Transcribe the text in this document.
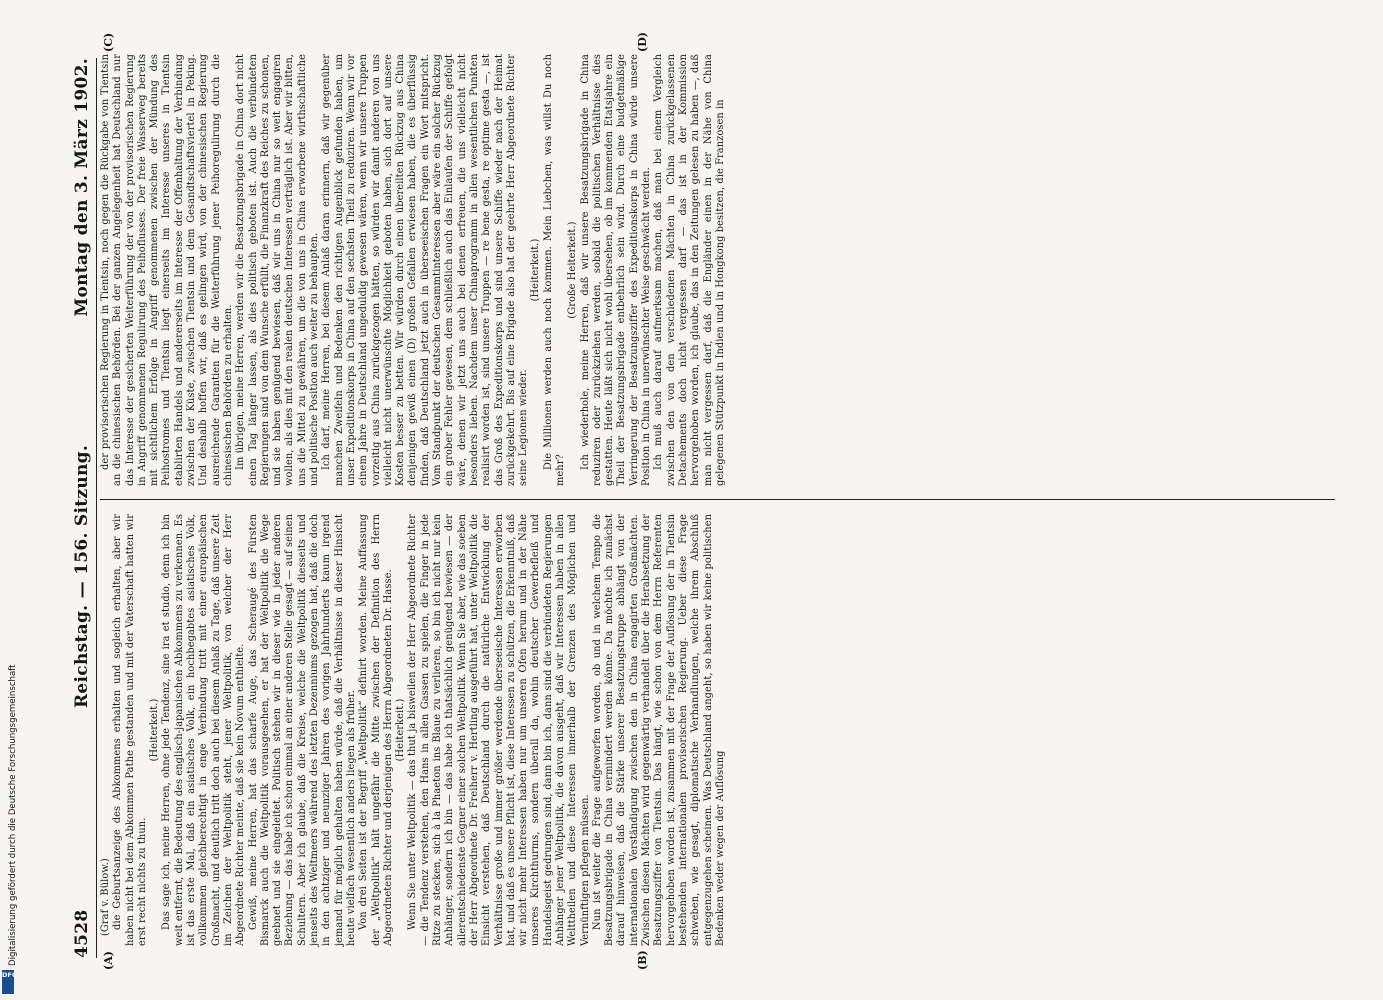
DFG
Digitalisierung gefördert durch die Deutsche Forschungsgemeinschaft	4528
Reichstag. — 156. Sitzung.
Montag den 3. März 1902.
(A)	(B)
(C)	(D)

(Graf v. Bülow.) die Geburtsanzeige des Abkommens erhalten und sogleich erhalten, aber wir haben nicht bei dem Abkommen Pathe gestanden und mit der Vaterschaft hatten wir erst recht nichts zu thun.

(Heiterkeit.) Das sage ich, meine Herren, ohne jede Tendenz, sine ira et studio, denn ich bin weit entfernt, die Bedeutung des englisch-japanischen Abkommens zu verkennen. Es ist das erste Mal, daß ein asiatisches Volk, ein hochbegabtes asiatisches Volk, vollkommen gleichberechtigt in enge Verbindung tritt mit einer europäischen Großmacht, und deutlich tritt doch auch bei diesem Anlaß zu Tage, daß unsere Zeit im Zeichen der Weltpolitik steht, jener Weltpolitik, von welcher der Herr Abgeordnete Richter meinte, daß sie kein Novum enthielte. Gewiß, meine Herren, hat das scharfe Auge, das Scheraugé des Fürsten Bismarck auch die Weltpolitik vorausgesehen, er hat der Weltpolitik die Wege geebnet und sie eingeleitet. Politisch stehen wir in dieser wie in jeder anderen Beziehung — das habe ich schon einmal an einer anderen Stelle gesagt — auf seinen Schultern. Aber ich glaube, daß die Kreise, welche die Weltpolitik diesseits und jenseits des Weltmeers während des letzten Dezenniums gezogen hat, daß die doch in den achtziger und neunziger Jahren des vorigen Jahrhunderts kaum irgend jemand für möglich gehalten haben würde, daß die Verhältnisse in dieser Hinsicht heute vielfach wesentlich anders liegen als früher. Von drei Seiten ist der Begriff „Weltpolitik“ definirt worden. Meine Auffassung der „Weltpolitik“ hält ungefähr die Mitte zwischen der Definition des Herrn Abgeordneten Richter und derjenigen des Herrn Abgeordneten Dr. Hasse. (Heiterkeit.) Wenn Sie unter Weltpolitik — das thut ja bisweilen der Herr Abgeordnete Richter — die Tendenz verstehen, den Hans in allen Gassen zu spielen, die Finger in jede Ritze zu stecken, sich à la Phaeton ins Blaue zu verlieren, so bin ich nicht nur kein Anhänger, sondern ich bin — das habe ich thatsächlich genügend bewiesen — der allerentschiedenste Gegner einer solchen Weltpolitik. Wenn Sie aber, wie das soeben der Herr Abgeordnete Dr. Freiherr v. Hertling ausgeführt hat, unter Weltpolitik die Einsicht verstehen, daß Deutschland durch die natürliche Entwicklung der Verhältnisse große und immer größer werdende überseeische Interessen erworben hat, und daß es unsere Pflicht ist, diese Interessen zu schützen, die Erkenntniß, daß wir nicht mehr Interessen haben nur um unseren Ofen herum und in der Nähe unseres Kirchthurms, sondern überall da, wohin deutscher Gewerbefleiß und Handelsgeist gedrungen sind, dann bin ich, dann sind die verbündeten Regierungen Anhänger jener Weltpolitik, die davon ausgeht, daß wir Interessen haben in allen Welttheilen und diese Interessen innerhalb der Grenzen des Möglichen und Vernünftigen pflegen müssen. Nun ist weiter die Frage aufgeworfen worden, ob und in welchem Tempo die Besatzungsbrigade in China vermindert werden könne. Da möchte ich zunächst darauf hinweisen, daß die Stärke unserer Besatzungstruppe abhängt von der internationalen Verständigung zwischen den in China engagirten Großmächten. Zwischen diesen Mächten wird gegenwärtig verhandelt über die Herabsetzung der Besatzungsziffer von Tientsin. Das hängt, wie schon von dem Herrn Referenten hervorgehoben worden ist, zusammen mit der Frage der Auflösung der in Tientsin bestehenden internationalen provisorischen Regierung. Ueber diese Frage schweben, wie gesagt, diplomatische Verhandlungen, welche ihrem Abschluß entgegenzugehen scheinen. Was Deutschland angeht, so haben wir keine politischen Bedenken weder wegen der Auflösung

der provisorischen Regierung in Tientsin, noch gegen die Rückgabe von Tientsin an die chinesischen Behörden. Bei der ganzen Angelegenheit hat Deutschland nur das Interesse der gesicherten Weiterführung der von der provisorischen Regierung in Angriff genommenen Regulirung des Peihoflusses. Der freie Wasserweg bereits mit sichtlichem Erfolge in Angriff genommenen zwischen der Mündung des Peihostromes und Tientsin liegt einerseits im Interesse unseres in Tientsin etablirten Handels und andererseits im Interesse der Offenhaltung der Verbindung zwischen der Küste, zwischen Tientsin und dem Gesandtschaftsviertel in Peking. Und deshalb hoffen wir, daß es gelingen wird, von der chinesischen Regierung ausreichende Garantien für die Weiterführung jener Peihoregulirung durch die chinesischen Behörden zu erhalten. Im übrigen, meine Herren, werden wir die Besatzungsbrigade in China dort nicht einen Tag länger lassen, als dies politisch geboten ist. Auch die verbündeten Regierungen sind von dem Wunsche erfüllt, die Finanzkraft des Reiches zu schonen, und sie haben genügend bewiesen, daß wir uns in China nur so weit engagiren wollen, als dies mit den realen deutschen Interessen verträglich ist. Aber wir bitten, uns die Mittel zu gewähren, um die von uns in China erworbene wirthschaftliche und politische Position auch weiter zu behaupten. Ich darf, meine Herren, bei diesem Anlaß daran erinnern, daß wir gegenüber manchen Zweifeln und Bedenken den richtigen Augenblick gefunden haben, um unser Expeditionskorps in China auf den sechsten Theil zu reduziren. Wenn wir vor einem Jahre in Deutschland ungeduldig gewesen wären, wenn wir unsere Truppen vorzeitig aus China zurückgezogen hätten, so würden wir damit anderen von uns vielleicht nicht unerwünschte Möglichkeit geboten haben, sich dort auf unsere Kosten besser zu betten. Wir würden durch einen übereilten Rückzug aus China denjenigen gewiß einen (D) großen Gefallen erwiesen haben, die es überflüssig finden, daß Deutschland jetzt auch in überseeischen Fragen ein Wort mitspricht. Vom Standpunkt der deutschen Gesammtinteressen aber wäre ein solcher Rückzug ein grober Fehler gewesen, dem schließlich auch das Einlaufen der Schiffe gefolgt wäre, denen wir jetzt uns auch bei denen erfreuen, die uns vielleicht nicht besonders lieben. Nachdem unser Chinaprogramm in allen wesentlichen Punkten realisirt worden ist, sind unsere Truppen — re bene gesta, re optime gesta —, ist das Groß des Expeditionskorps und sind unsere Schiffe wieder nach der Heimat zurückgekehrt. Bis auf eine Brigade also hat der geehrte Herr Abgeordnete Richter seine Legionen wieder.

(Heiterkeit.) Die Millionen werden auch noch kommen. Mein Liebchen, was willst Du noch mehr?

(Große Heiterkeit.) Ich wiederhole, meine Herren, daß wir unsere Besatzungsbrigade in China reduziren oder zurückziehen werden, sobald die politischen Verhältnisse dies gestatten. Heute läßt sich nicht wohl übersehen, ob im kommenden Etatsjahre ein Theil der Besatzungsbrigade entbehrlich sein wird. Durch eine budgetmäßige Verringerung der Besatzungsziffer des Expeditionskorps in China würde unsere Position in China in unerwünschter Weise geschwächt werden. Ich muß auch darauf aufmerksam machen, daß man bei einem Vergleich zwischen den von den verschiedenen Mächten in China zurückgelassenen Detachements doch nicht vergessen darf — das ist in der Kommission hervorgehoben worden, ich glaube, das in den Zeitungen gelesen zu haben —, daß man nicht vergessen darf, daß die Engländer einen in der Nähe von China gelegenen Stützpunkt in Indien und in Hongkong besitzen, die Franzosen in
